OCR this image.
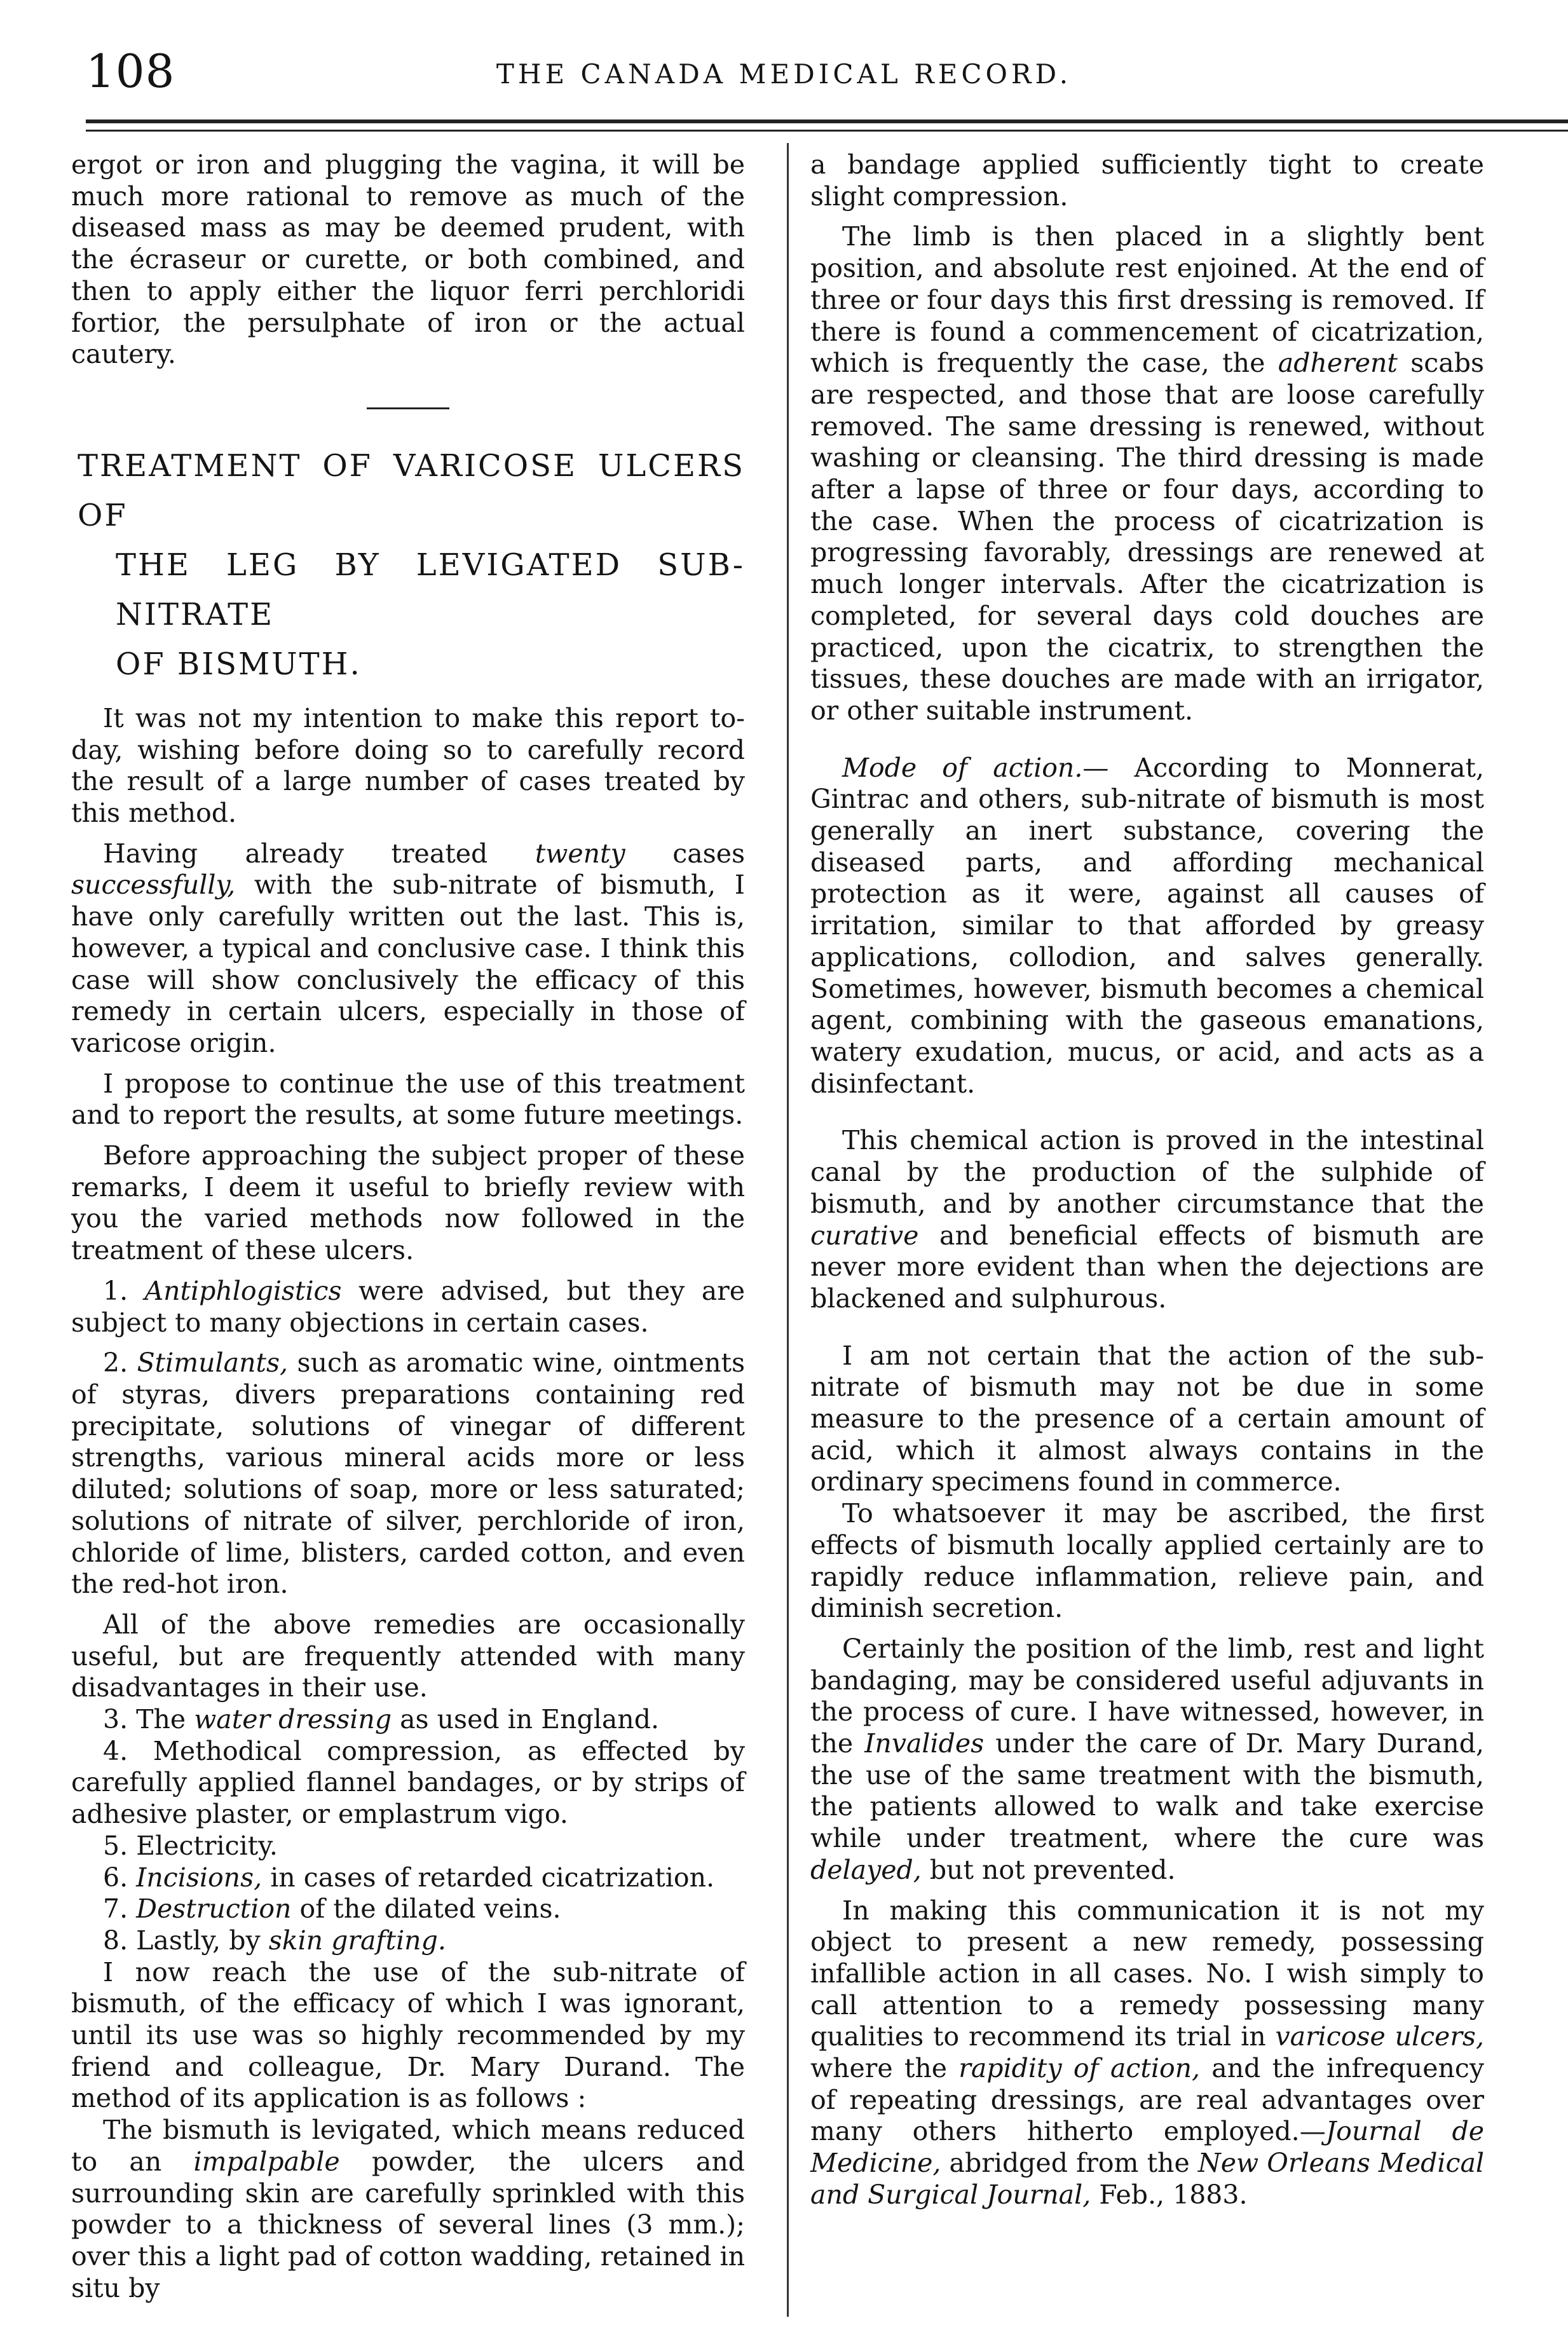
108	THE CANADA MEDICAL RECORD.

ergot or iron and plugging the vagina, it will be much more rational to remove as much of the diseased mass as may be deemed prudent, with the écraseur or curette, or both combined, and then to apply either the liquor ferri perchloridi fortior, the persulphate of iron or the actual cautery.

TREATMENT OF VARICOSE ULCERS OF

THE LEG BY LEVIGATED SUB-NITRATE

OF BISMUTH.

It was not my intention to make this report to-day, wishing before doing so to carefully record the result of a large number of cases treated by this method.

Having already treated twenty cases successfully, with the sub-nitrate of bismuth, I have only carefully written out the last. This is, however, a typical and conclusive case. I think this case will show conclusively the efficacy of this remedy in certain ulcers, especially in those of varicose origin.

I propose to continue the use of this treatment and to report the results, at some future meetings.

Before approaching the subject proper of these remarks, I deem it useful to briefly review with you the varied methods now followed in the treatment of these ulcers.

1. Antiphlogistics were advised, but they are subject to many objections in certain cases.

2. Stimulants, such as aromatic wine, ointments of styras, divers preparations containing red precipitate, solutions of vinegar of different strengths, various mineral acids more or less diluted; solutions of soap, more or less saturated; solutions of nitrate of silver, perchloride of iron, chloride of lime, blisters, carded cotton, and even the red-hot iron.

All of the above remedies are occasionally useful, but are frequently attended with many disadvantages in their use.

3. The water dressing as used in England.

4. Methodical compression, as effected by carefully applied flannel bandages, or by strips of adhesive plaster, or emplastrum vigo.

5. Electricity.

6. Incisions, in cases of retarded cicatrization.

7. Destruction of the dilated veins.

8. Lastly, by skin grafting.

I now reach the use of the sub-nitrate of bismuth, of the efficacy of which I was ignorant, until its use was so highly recommended by my friend and colleague, Dr. Mary Durand. The method of its application is as follows :

The bismuth is levigated, which means reduced to an impalpable powder, the ulcers and surrounding skin are carefully sprinkled with this powder to a thickness of several lines (3 mm.); over this a light pad of cotton wadding, retained in situ by

a bandage applied sufficiently tight to create slight compression.

The limb is then placed in a slightly bent position, and absolute rest enjoined. At the end of three or four days this first dressing is removed. If there is found a commencement of cicatrization, which is frequently the case, the adherent scabs are respected, and those that are loose carefully removed. The same dressing is renewed, without washing or cleansing. The third dressing is made after a lapse of three or four days, according to the case. When the process of cicatrization is progressing favorably, dressings are renewed at much longer intervals. After the cicatrization is completed, for several days cold douches are practiced, upon the cicatrix, to strengthen the tissues, these douches are made with an irrigator, or other suitable instrument.

Mode of action.— According to Monnerat, Gintrac and others, sub-nitrate of bismuth is most generally an inert substance, covering the diseased parts, and affording mechanical protection as it were, against all causes of irritation, similar to that afforded by greasy applications, collodion, and salves generally. Sometimes, however, bismuth becomes a chemical agent, combining with the gaseous emanations, watery exudation, mucus, or acid, and acts as a disinfectant.

This chemical action is proved in the intestinal canal by the production of the sulphide of bismuth, and by another circumstance that the curative and beneficial effects of bismuth are never more evident than when the dejections are blackened and sulphurous.

I am not certain that the action of the sub-nitrate of bismuth may not be due in some measure to the presence of a certain amount of acid, which it almost always contains in the ordinary specimens found in commerce.

To whatsoever it may be ascribed, the first effects of bismuth locally applied certainly are to rapidly reduce inflammation, relieve pain, and diminish secretion.

Certainly the position of the limb, rest and light bandaging, may be considered useful adjuvants in the process of cure. I have witnessed, however, in the Invalides under the care of Dr. Mary Durand, the use of the same treatment with the bismuth, the patients allowed to walk and take exercise while under treatment, where the cure was delayed, but not prevented.

In making this communication it is not my object to present a new remedy, possessing infallible action in all cases. No. I wish simply to call attention to a remedy possessing many qualities to recommend its trial in varicose ulcers, where the rapidity of action, and the infrequency of repeating dressings, are real advantages over many others hitherto employed.—Journal de Medicine, abridged from the New Orleans Medical and Surgical Journal, Feb., 1883.
